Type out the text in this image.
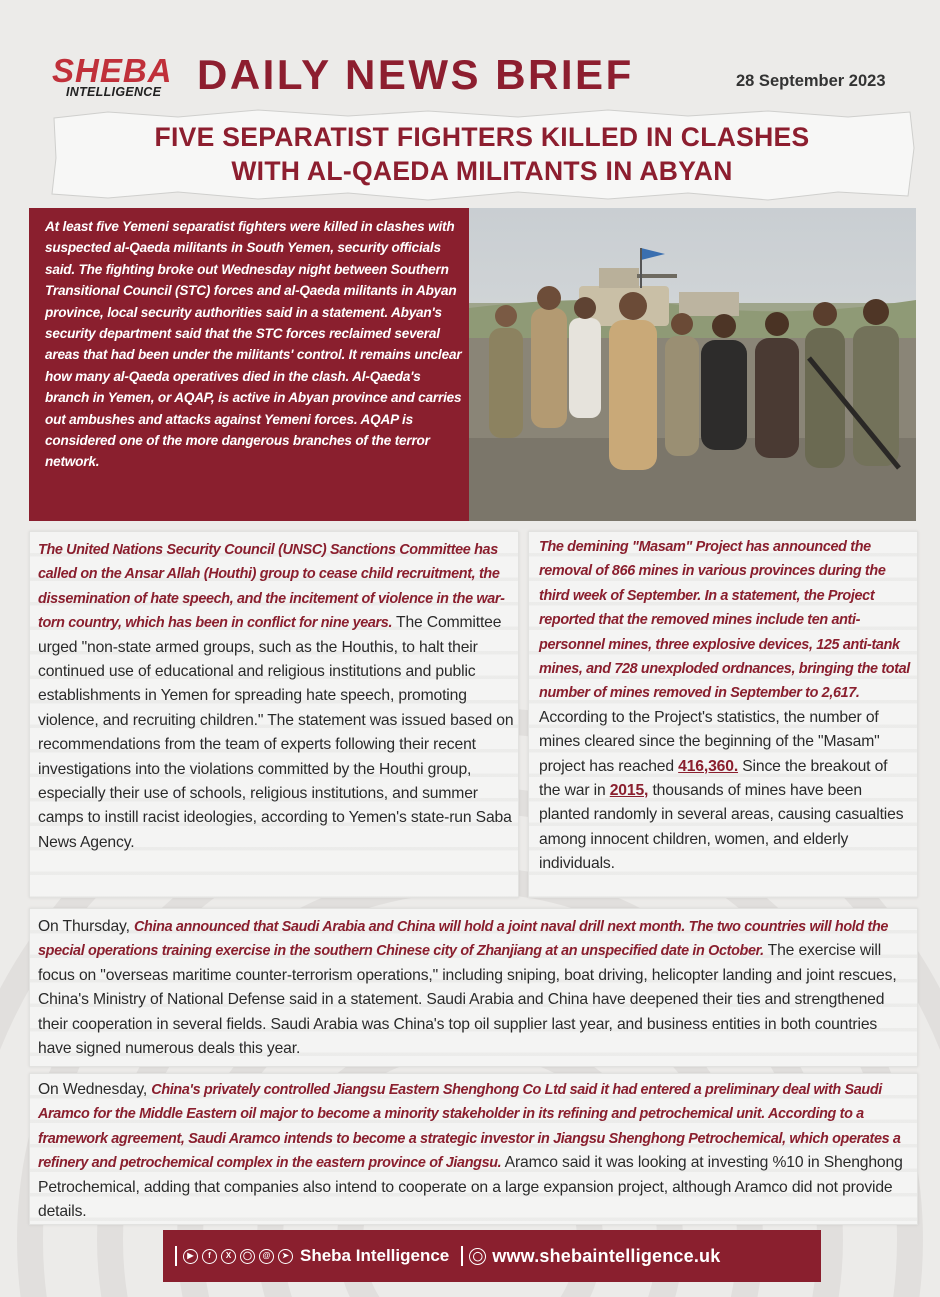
SHEBA
INTELLIGENCE DAILY NEWS BRIEF	28 September 2023
FIVE SEPARATIST FIGHTERS KILLED IN CLASHES
WITH AL-QAEDA MILITANTS IN ABYAN
At least five Yemeni separatist fighters were killed in clashes with suspected al-Qaeda militants in South Yemen, security officials said. The fighting broke out Wednesday night between Southern Transitional Council (STC) forces and al-Qaeda militants in Abyan province, local security authorities said in a statement. Abyan's security department said that the STC forces reclaimed several areas that had been under the militants' control. It remains unclear how many al-Qaeda operatives died in the clash. Al-Qaeda's branch in Yemen, or AQAP, is active in Abyan province and carries out ambushes and attacks against Yemeni forces. AQAP is considered one of the more dangerous branches of the terror network.
The United Nations Security Council (UNSC) Sanctions Committee has called on the Ansar Allah (Houthi) group to cease child recruitment, the dissemination of hate speech, and the incitement of violence in the war-torn country, which has been in conflict for nine years. The Committee urged "non-state armed groups, such as the Houthis, to halt their continued use of educational and religious institutions and public establishments in Yemen for spreading hate speech, promoting violence, and recruiting children." The statement was issued based on recommendations from the team of experts following their recent investigations into the violations committed by the Houthi group, especially their use of schools, religious institutions, and summer camps to instill racist ideologies, according to Yemen's state-run Saba News Agency.
The demining "Masam" Project has announced the removal of 866 mines in various provinces during the third week of September. In a statement, the Project reported that the removed mines include ten anti-personnel mines, three explosive devices, 125 anti-tank mines, and 728 unexploded ordnances, bringing the total number of mines removed in September to 2,617. According to the Project's statistics, the number of mines cleared since the beginning of the "Masam" project has reached 416,360. Since the breakout of the war in 2015, thousands of mines have been planted randomly in several areas, causing casualties among innocent children, women, and elderly individuals.
On Thursday, China announced that Saudi Arabia and China will hold a joint naval drill next month. The two countries will hold the special operations training exercise in the southern Chinese city of Zhanjiang at an unspecified date in October. The exercise will focus on "overseas maritime counter-terrorism operations," including sniping, boat driving, helicopter landing and joint rescues, China's Ministry of National Defense said in a statement. Saudi Arabia and China have deepened their ties and strengthened their cooperation in several fields. Saudi Arabia was China's top oil supplier last year, and business entities in both countries have signed numerous deals this year.
On Wednesday, China's privately controlled Jiangsu Eastern Shenghong Co Ltd said it had entered a preliminary deal with Saudi Aramco for the Middle Eastern oil major to become a minority stakeholder in its refining and petrochemical unit. According to a framework agreement, Saudi Aramco intends to become a strategic investor in Jiangsu Shenghong Petrochemical, which operates a refinery and petrochemical complex in the eastern province of Jiangsu. Aramco said it was looking at investing %10 in Shenghong Petrochemical, adding that companies also intend to cooperate on a large expansion project, although Aramco did not provide details.
▶	f	X	◯	@	➤ Sheba Intelligence	◯ www.shebaintelligence.uk
